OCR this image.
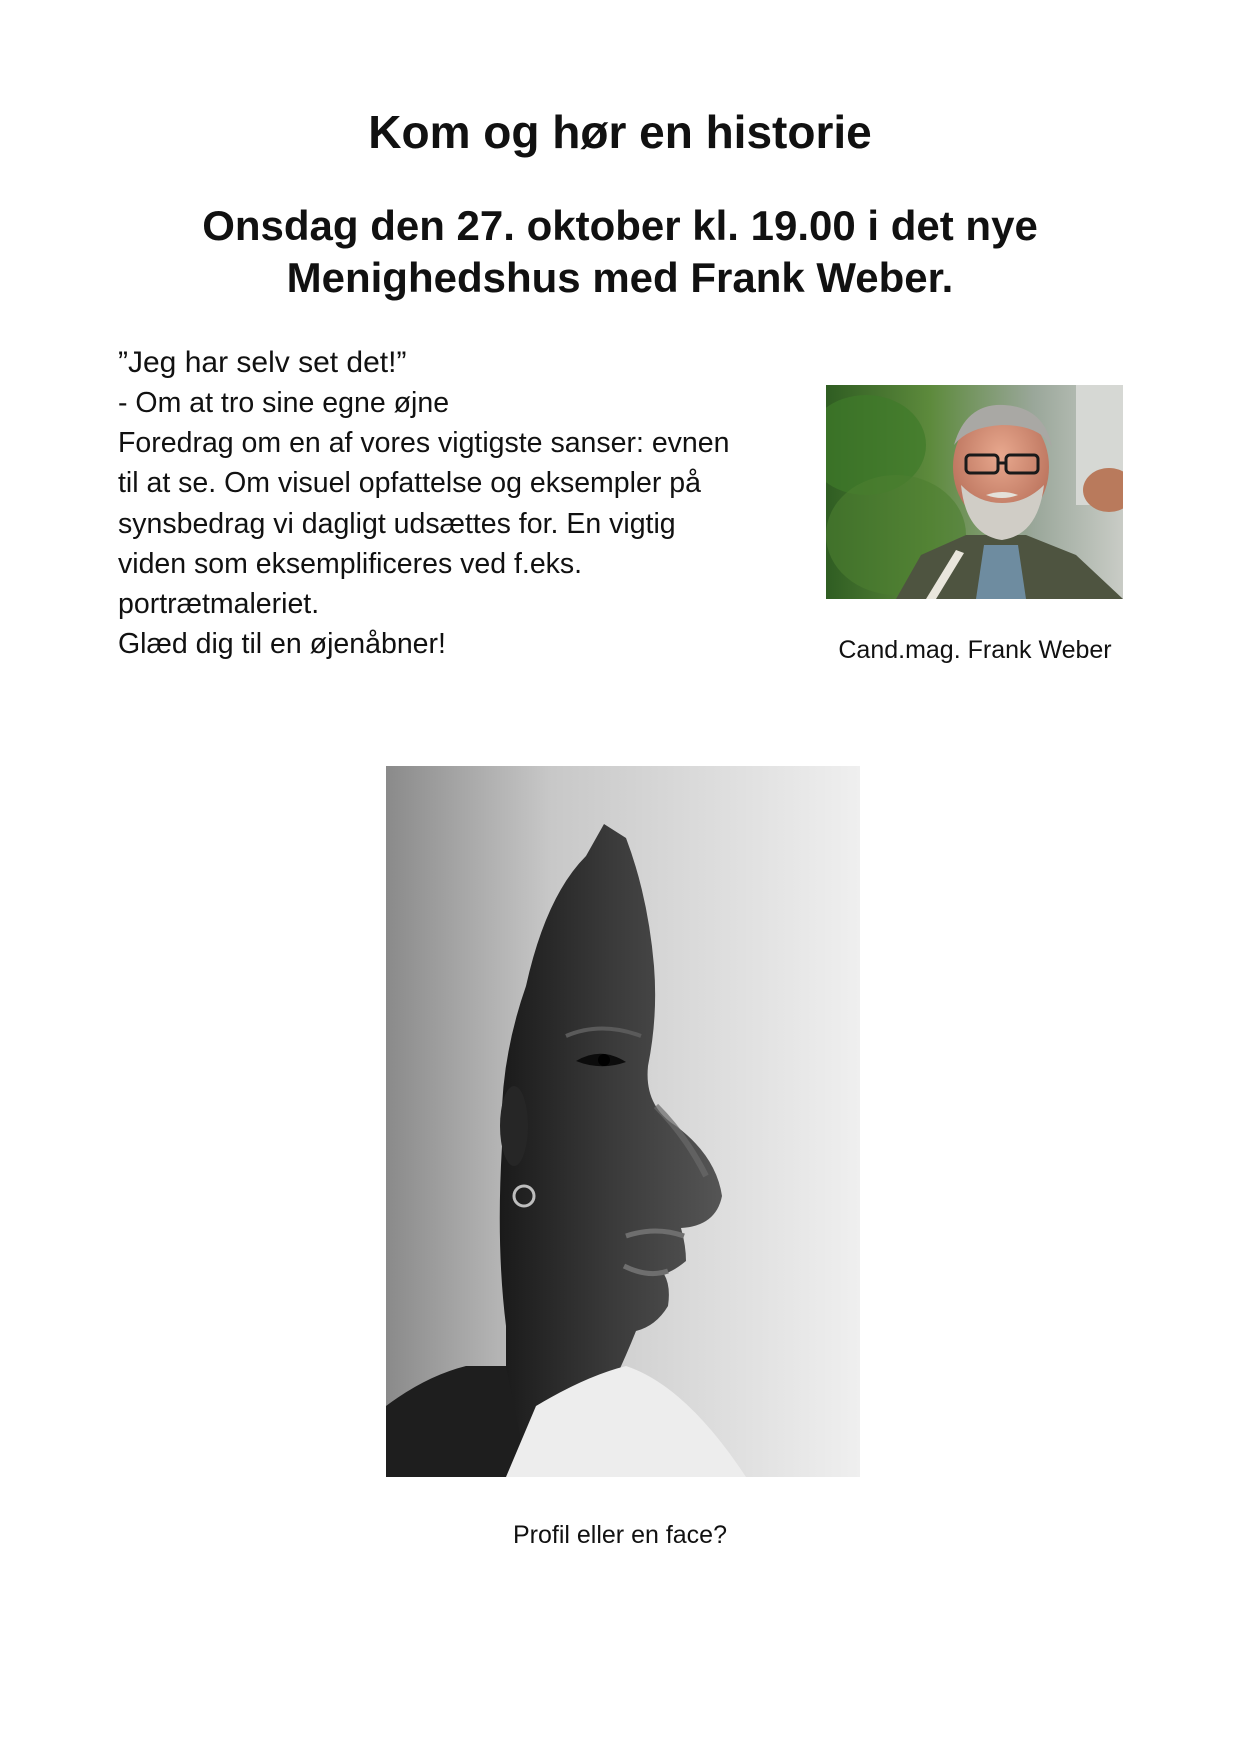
Kom og hør en historie
Onsdag den 27. oktober kl. 19.00 i det nye
Menighedshus med Frank Weber.
”Jeg har selv set det!”
- Om at tro sine egne øjne
Foredrag om en af vores vigtigste sanser: evnen
til at se. Om visuel opfattelse og eksempler på
synsbedrag vi dagligt udsættes for. En vigtig
viden som eksemplificeres ved f.eks.
portrætmaleriet.
Glæd dig til en øjenåbner!	Cand.mag. Frank Weber
Profil eller en face?
